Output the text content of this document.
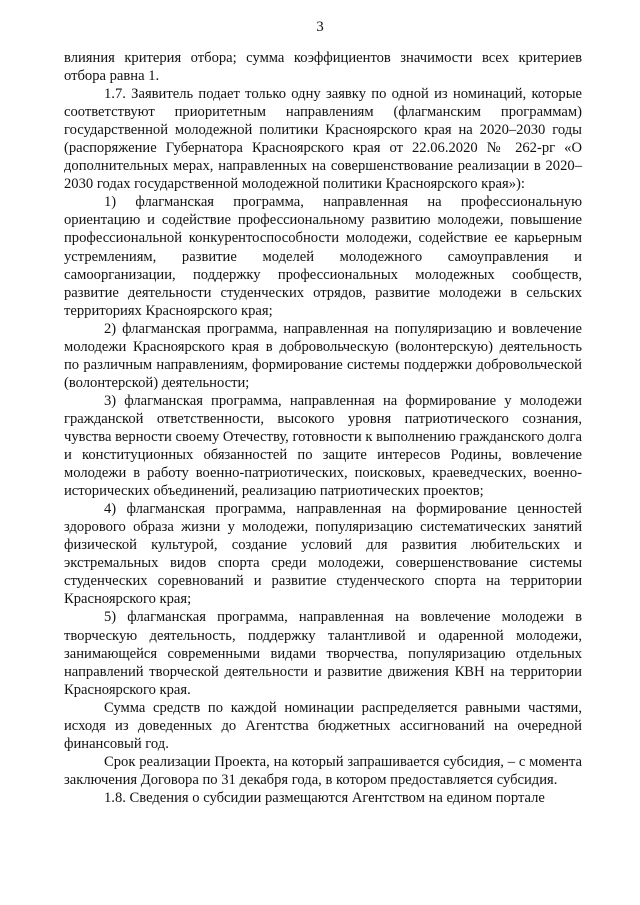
3

влияния критерия отбора; сумма коэффициентов значимости всех критериев отбора равна 1.

1.7. Заявитель подает только одну заявку по одной из номинаций, которые соответствуют приоритетным направлениям (флагманским программам) государственной молодежной политики Красноярского края на 2020–2030 годы (распоряжение Губернатора Красноярского края от 22.06.2020 № 262-рг «О дополнительных мерах, направленных на совершенствование реализации в 2020–2030 годах государственной молодежной политики Красноярского края»):

1) флагманская программа, направленная на профессиональную ориентацию и содействие профессиональному развитию молодежи, повышение профессиональной конкурентоспособности молодежи, содействие ее карьерным устремлениям, развитие моделей молодежного самоуправления и самоорганизации, поддержку профессиональных молодежных сообществ, развитие деятельности студенческих отрядов, развитие молодежи в сельских территориях Красноярского края;

2) флагманская программа, направленная на популяризацию и вовлечение молодежи Красноярского края в добровольческую (волонтерскую) деятельность по различным направлениям, формирование системы поддержки добровольческой (волонтерской) деятельности;

3) флагманская программа, направленная на формирование у молодежи гражданской ответственности, высокого уровня патриотического сознания, чувства верности своему Отечеству, готовности к выполнению гражданского долга и конституционных обязанностей по защите интересов Родины, вовлечение молодежи в работу военно-патриотических, поисковых, краеведческих, военно-исторических объединений, реализацию патриотических проектов;

4) флагманская программа, направленная на формирование ценностей здорового образа жизни у молодежи, популяризацию систематических занятий физической культурой, создание условий для развития любительских и экстремальных видов спорта среди молодежи, совершенствование системы студенческих соревнований и развитие студенческого спорта на территории Красноярского края;

5) флагманская программа, направленная на вовлечение молодежи в творческую деятельность, поддержку талантливой и одаренной молодежи, занимающейся современными видами творчества, популяризацию отдельных направлений творческой деятельности и развитие движения КВН на территории Красноярского края.

Сумма средств по каждой номинации распределяется равными частями, исходя из доведенных до Агентства бюджетных ассигнований на очередной финансовый год.

Срок реализации Проекта, на который запрашивается субсидия, – с момента заключения Договора по 31 декабря года, в котором предоставляется субсидия.

1.8. Сведения о субсидии размещаются Агентством на едином портале
